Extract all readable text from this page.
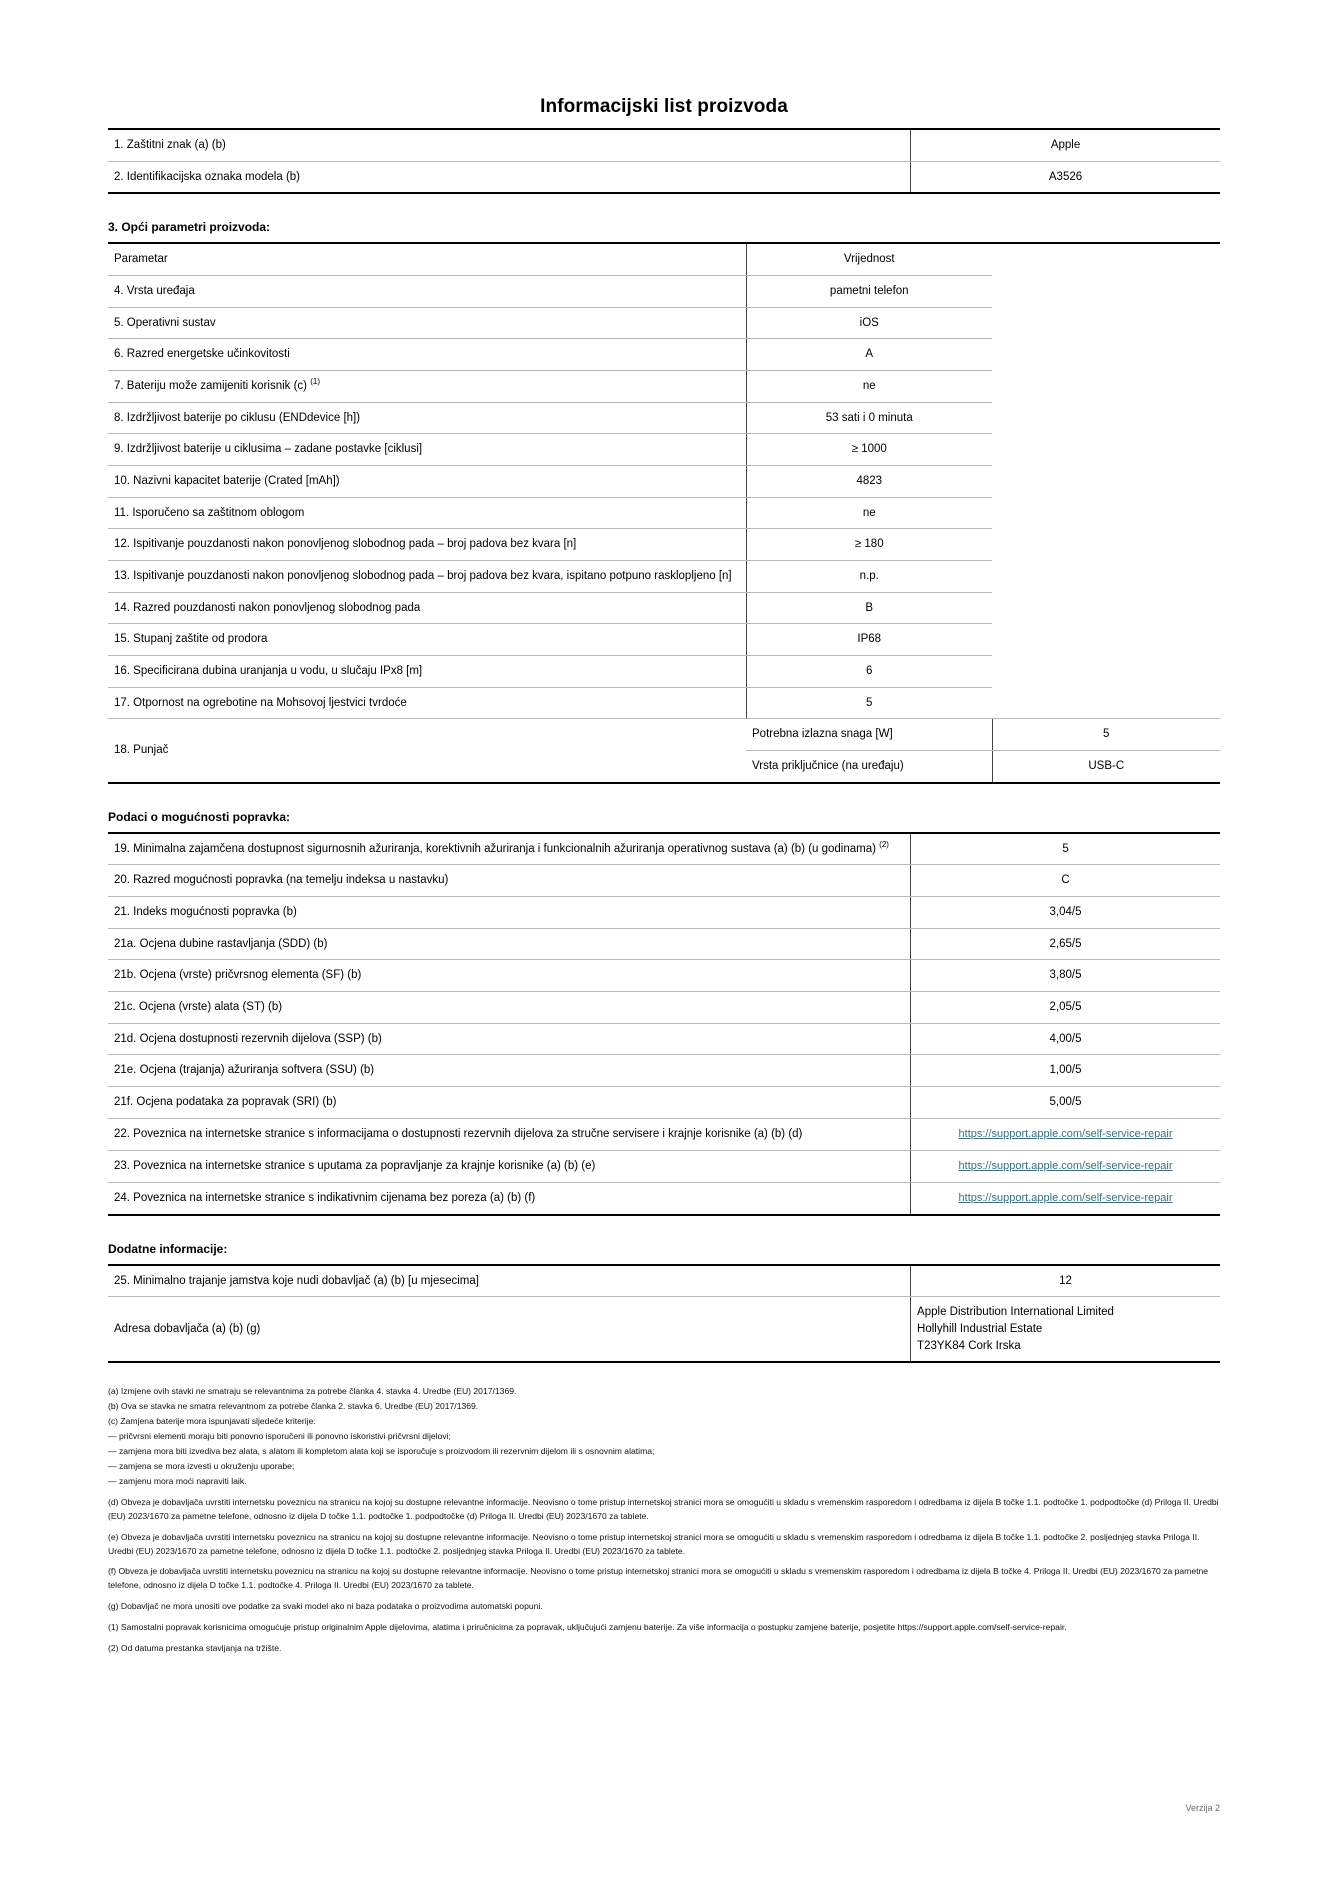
Informacijski list proizvoda
1. Zaštitni znak (a) (b)	Apple
2. Identifikacijska oznaka modela (b)	A3526
3. Opći parametri proizvoda:
Parametar	Vrijednost	
4. Vrsta uređaja	pametni telefon	
5. Operativni sustav	iOS	
6. Razred energetske učinkovitosti	A	
7. Bateriju može zamijeniti korisnik (c) $^{(1)}$	ne	
8. Izdržljivost baterije po ciklusu (ENDdevice [h])	53 sati i 0 minuta	
9. Izdržljivost baterije u ciklusima – zadane postavke [ciklusi]	≥ 1000	
10. Nazivni kapacitet baterije (Crated [mAh])	4823	
11. Isporučeno sa zaštitnom oblogom	ne	
12. Ispitivanje pouzdanosti nakon ponovljenog slobodnog pada – broj padova bez kvara [n]	≥ 180	
13. Ispitivanje pouzdanosti nakon ponovljenog slobodnog pada – broj padova bez kvara, ispitano potpuno rasklopljeno [n]	n.p.	
14. Razred pouzdanosti nakon ponovljenog slobodnog pada	B	
15. Stupanj zaštite od prodora	IP68	
16. Specificirana dubina uranjanja u vodu, u slučaju IPx8 [m]	6	
17. Otpornost na ogrebotine na Mohsovoj ljestvici tvrdoće	5	
18. Punjač	Potrebna izlazna snaga [W]	5
	Vrsta priključnice (na uređaju)	USB-C
Podaci o mogućnosti popravka:
19. Minimalna zajamčena dostupnost sigurnosnih ažuriranja, korektivnih ažuriranja i funkcionalnih ažuriranja operativnog sustava (a) (b) (u godinama) $^{(2)}$	5
20. Razred mogućnosti popravka (na temelju indeksa u nastavku)	C
21. Indeks mogućnosti popravka (b)	3,04/5
21a. Ocjena dubine rastavljanja (SDD) (b)	2,65/5
21b. Ocjena (vrste) pričvrsnog elementa (SF) (b)	3,80/5
21c. Ocjena (vrste) alata (ST) (b)	2,05/5
21d. Ocjena dostupnosti rezervnih dijelova (SSP) (b)	4,00/5
21e. Ocjena (trajanja) ažuriranja softvera (SSU) (b)	1,00/5
21f. Ocjena podataka za popravak (SRI) (b)	5,00/5
22. Poveznica na internetske stranice s informacijama o dostupnosti rezervnih dijelova za stručne servisere i krajnje korisnike (a) (b) (d)	https://support.apple.com/self-service-repair
23. Poveznica na internetske stranice s uputama za popravljanje za krajnje korisnike (a) (b) (e)	https://support.apple.com/self-service-repair
24. Poveznica na internetske stranice s indikativnim cijenama bez poreza (a) (b) (f)	https://support.apple.com/self-service-repair
Dodatne informacije:
25. Minimalno trajanje jamstva koje nudi dobavljač (a) (b) [u mjesecima]	12
Adresa dobavljača (a) (b) (g)	Apple Distribution International Limited
Hollyhill Industrial Estate
T23YK84 Cork Irska

(a) Izmjene ovih stavki ne smatraju se relevantnima za potrebe članka 4. stavka 4. Uredbe (EU) 2017/1369.

(b) Ova se stavka ne smatra relevantnom za potrebe članka 2. stavka 6. Uredbe (EU) 2017/1369.

(c) Zamjena baterije mora ispunjavati sljedeće kriterije:

— pričvrsni elementi moraju biti ponovno isporučeni ili ponovno iskoristivi pričvrsni dijelovi;

— zamjena mora biti izvediva bez alata, s alatom ili kompletom alata koji se isporučuje s proizvodom ili rezervnim dijelom ili s osnovnim alatima;

— zamjena se mora izvesti u okruženju uporabe;

— zamjenu mora moći napraviti laik.

(d) Obveza je dobavljača uvrstiti internetsku poveznicu na stranicu na kojoj su dostupne relevantne informacije. Neovisno o tome pristup internetskoj stranici mora se omogućiti u skladu s vremenskim rasporedom i odredbama iz dijela B točke 1.1. podtočke 1. podpodtočke (d) Priloga II. Uredbi (EU) 2023/1670 za pametne telefone, odnosno iz dijela D točke 1.1. podtočke 1. podpodtočke (d) Priloga II. Uredbi (EU) 2023/1670 za tablete.

(e) Obveza je dobavljača uvrstiti internetsku poveznicu na stranicu na kojoj su dostupne relevantne informacije. Neovisno o tome pristup internetskoj stranici mora se omogućiti u skladu s vremenskim rasporedom i odredbama iz dijela B točke 1.1. podtočke 2. posljednjeg stavka Priloga II. Uredbi (EU) 2023/1670 za pametne telefone, odnosno iz dijela D točke 1.1. podtočke 2. posljednjeg stavka Priloga II. Uredbi (EU) 2023/1670 za tablete.

(f) Obveza je dobavljača uvrstiti internetsku poveznicu na stranicu na kojoj su dostupne relevantne informacije. Neovisno o tome pristup internetskoj stranici mora se omogućiti u skladu s vremenskim rasporedom i odredbama iz dijela B točke 4. Priloga II. Uredbi (EU) 2023/1670 za pametne telefone, odnosno iz dijela D točke 1.1. podtočke 4. Priloga II. Uredbi (EU) 2023/1670 za tablete.

(g) Dobavljač ne mora unositi ove podatke za svaki model ako ni baza podataka o proizvodima automatski popuni.

(1) Samostalni popravak korisnicima omogućuje pristup originalnim Apple dijelovima, alatima i priručnicima za popravak, uključujući zamjenu baterije. Za više informacija o postupku zamjene baterije, posjetite https://support.apple.com/self-service-repair.

(2) Od datuma prestanka stavljanja na tržište.

Verzija 2
